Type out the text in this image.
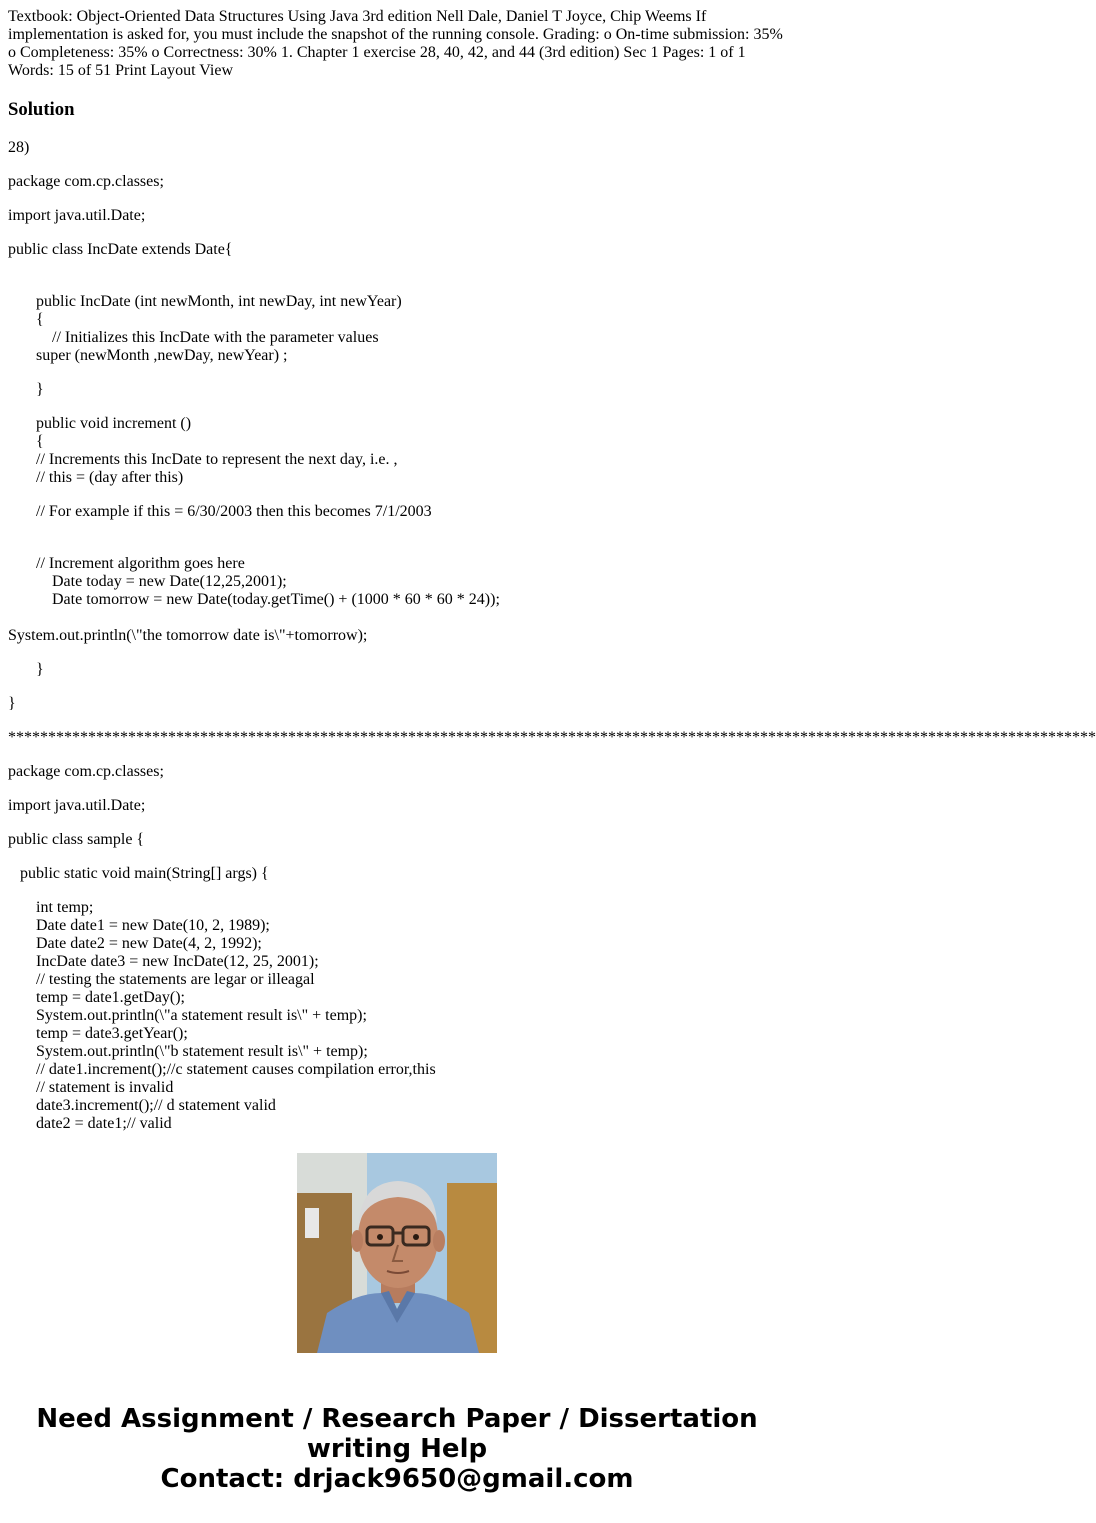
Textbook: Object-Oriented Data Structures Using Java 3rd edition Nell Dale, Daniel T Joyce, Chip Weems If implementation is asked for, you must include the snapshot of the running console. Grading: o On-time submission: 35% o Completeness: 35% o Correctness: 30% 1. Chapter 1 exercise 28, 40, 42, and 44 (3rd edition) Sec 1 Pages: 1 of 1 Words: 15 of 51 Print Layout View

Solution
28)
package com.cp.classes;
import java.util.Date;
public class IncDate extends Date{
public IncDate (int newMonth, int newDay, int newYear)
{
// Initializes this IncDate with the parameter values
super (newMonth ,newDay, newYear) ;
}
public void increment ()
{
// Increments this IncDate to represent the next day, i.e. ,
// this = (day after this)
// For example if this = 6/30/2003 then this becomes 7/1/2003
// Increment algorithm goes here
Date today = new Date(12,25,2001);
Date tomorrow = new Date(today.getTime() + (1000 * 60 * 60 * 24));
System.out.println(\"the tomorrow date is\"+tomorrow);
}
}
****************************************************************************************************************************************
package com.cp.classes;
import java.util.Date;
public class sample {
public static void main(String[] args) {
int temp;
Date date1 = new Date(10, 2, 1989);
Date date2 = new Date(4, 2, 1992);
IncDate date3 = new IncDate(12, 25, 2001);
// testing the statements are legar or illeagal
temp = date1.getDay();
System.out.println(\"a statement result is\" + temp);
temp = date3.getYear();
System.out.println(\"b statement result is\" + temp);
// date1.increment();//c statement causes compilation error,this
// statement is invalid
date3.increment();// d statement valid
date2 = date1;// valid
Need Assignment / Research Paper / Dissertation
writing Help
Contact: drjack9650@gmail.com
